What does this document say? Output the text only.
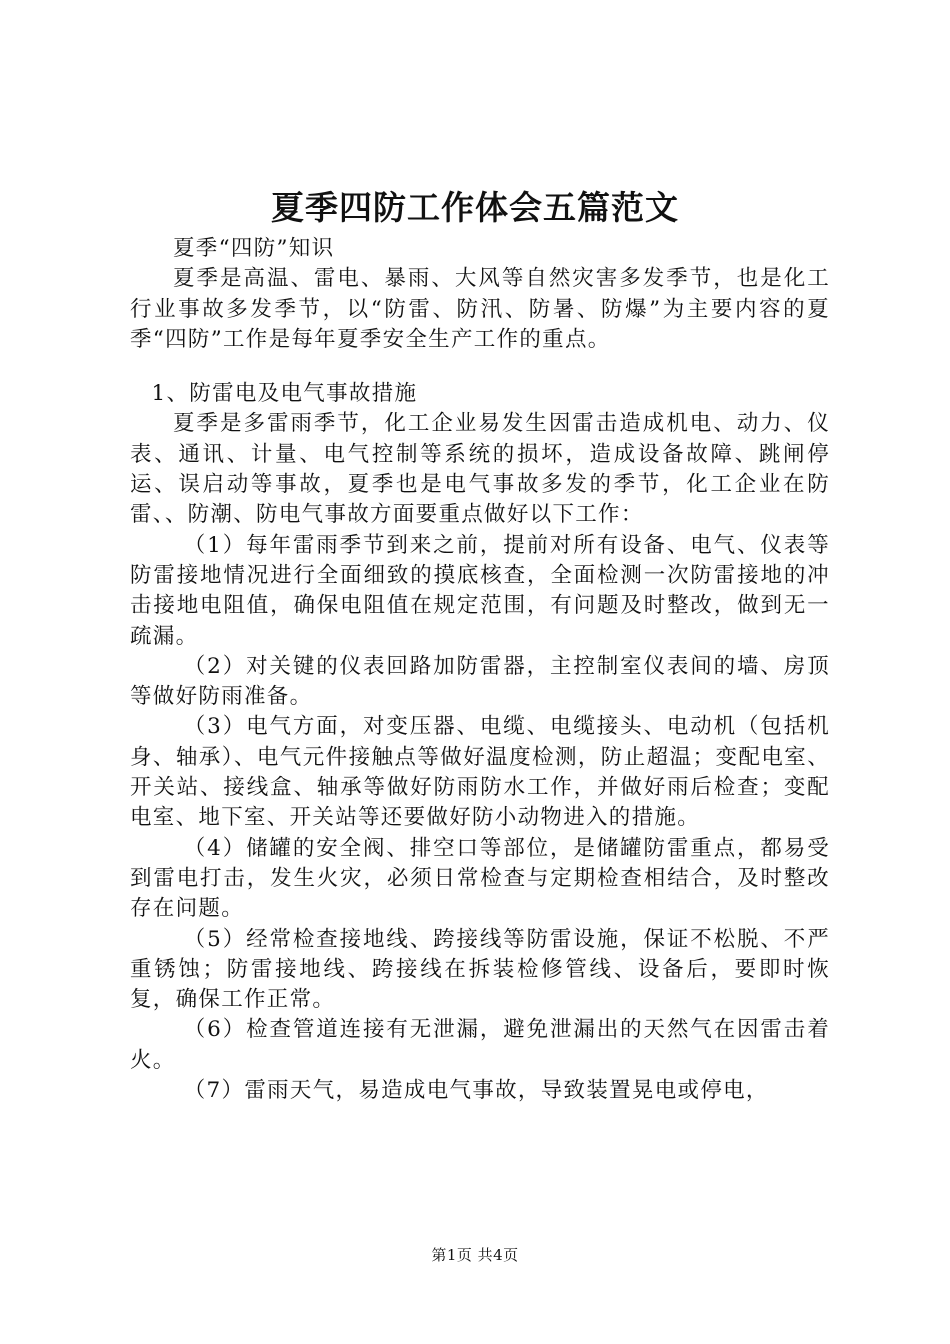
夏季四防工作体会五篇范文

夏季“四防”知识

夏季是高温、雷电、暴雨、大风等自然灾害多发季节，也是化工行业事故多发季节，以“防雷、防汛、防暑、防爆”为主要内容的夏季“四防”工作是每年夏季安全生产工作的重点。

1、防雷电及电气事故措施

夏季是多雷雨季节，化工企业易发生因雷击造成机电、动力、仪表、通讯、计量、电气控制等系统的损坏，造成设备故障、跳闸停运、误启动等事故，夏季也是电气事故多发的季节，化工企业在防雷、、防潮、防电气事故方面要重点做好以下工作：

（1）每年雷雨季节到来之前，提前对所有设备、电气、仪表等防雷接地情况进行全面细致的摸底核查，全面检测一次防雷接地的冲击接地电阻值，确保电阻值在规定范围，有问题及时整改，做到无一疏漏。

（2）对关键的仪表回路加防雷器，主控制室仪表间的墙、房顶等做好防雨准备。

（3）电气方面，对变压器、电缆、电缆接头、电动机（包括机身、轴承）、电气元件接触点等做好温度检测，防止超温；变配电室、开关站、接线盒、轴承等做好防雨防水工作，并做好雨后检查；变配电室、地下室、开关站等还要做好防小动物进入的措施。

（4）储罐的安全阀、排空口等部位，是储罐防雷重点，都易受到雷电打击，发生火灾，必须日常检查与定期检查相结合，及时整改存在问题。

（5）经常检查接地线、跨接线等防雷设施，保证不松脱、不严重锈蚀；防雷接地线、跨接线在拆装检修管线、设备后，要即时恢复，确保工作正常。

（6）检查管道连接有无泄漏，避免泄漏出的天然气在因雷击着火。

（7）雷雨天气，易造成电气事故，导致装置晃电或停电，

第1页 共4页
